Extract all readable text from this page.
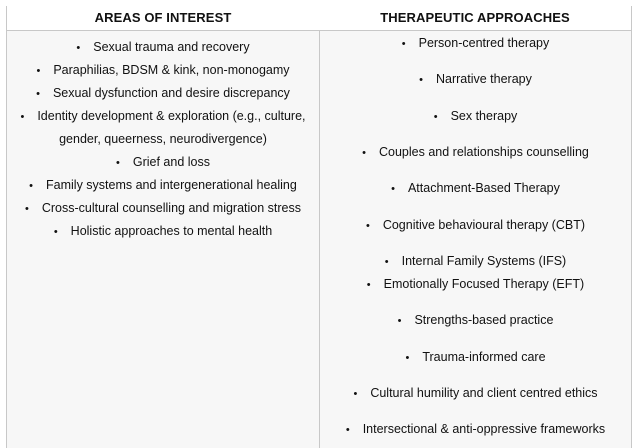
AREAS OF INTEREST	THERAPEUTIC APPROACHES
• Sexual trauma and recovery
• Paraphilias, BDSM & kink, non-monogamy
• Sexual dysfunction and desire discrepancy
• Identity development & exploration (e.g., culture,
gender, queerness, neurodivergence)
• Grief and loss
• Family systems and intergenerational healing
• Cross-cultural counselling and migration stress
• Holistic approaches to mental health
• Person-centred therapy
• Narrative therapy
• Sex therapy
• Couples and relationships counselling
• Attachment-Based Therapy
• Cognitive behavioural therapy (CBT)
• Internal Family Systems (IFS)
• Emotionally Focused Therapy (EFT)
• Strengths-based practice
• Trauma-informed care
• Cultural humility and client centred ethics
• Intersectional & anti-oppressive frameworks
